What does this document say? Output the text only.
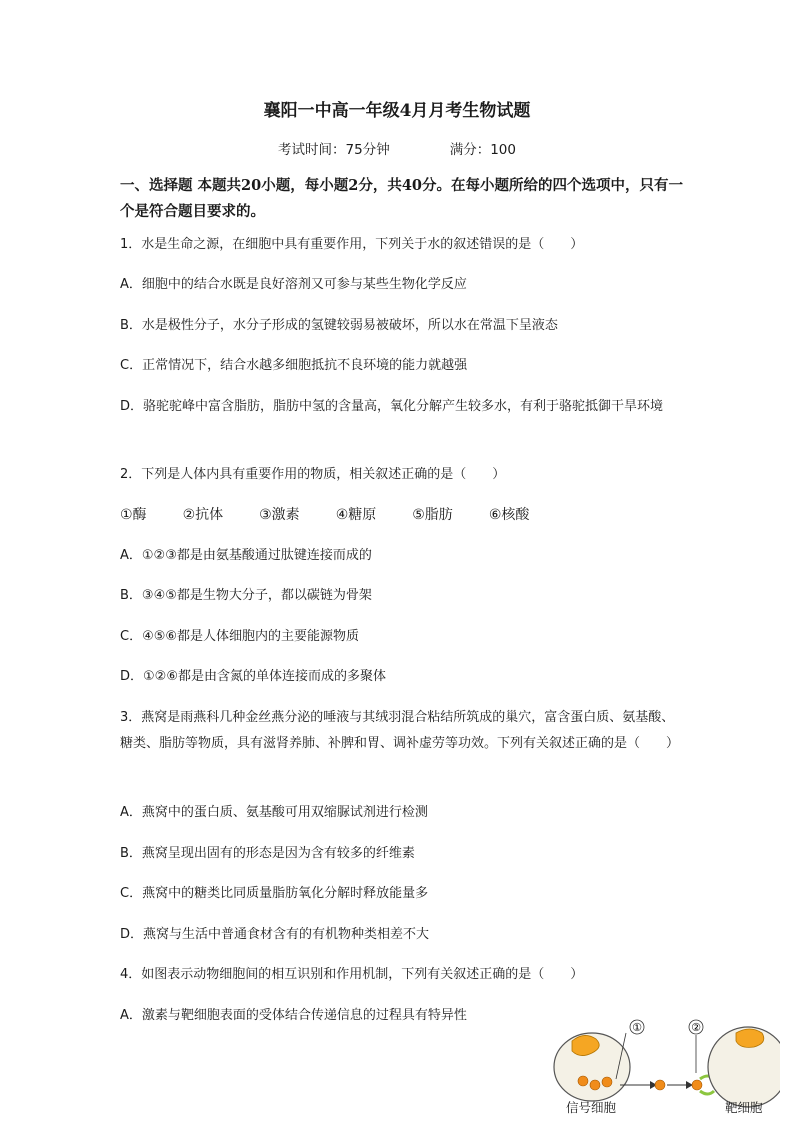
襄阳一中高一年级4月月考生物试题
考试时间：75分钟	满分：100
一、选择题 本题共20小题，每小题2分，共40分。在每小题所给的四个选项中，只有一个是符合题目要求的。
1．水是生命之源，在细胞中具有重要作用，下列关于水的叙述错误的是（　　）
A．细胞中的结合水既是良好溶剂又可参与某些生物化学反应
B．水是极性分子，水分子形成的氢键较弱易被破坏，所以水在常温下呈液态
C．正常情况下，结合水越多细胞抵抗不良环境的能力就越强
D．骆驼驼峰中富含脂肪，脂肪中氢的含量高，氧化分解产生较多水，有利于骆驼抵御干旱环境
2．下列是人体内具有重要作用的物质，相关叙述正确的是（　　）
①酶	②抗体	③激素	④糖原	⑤脂肪	⑥核酸
A．①②③都是由氨基酸通过肽键连接而成的
B．③④⑤都是生物大分子，都以碳链为骨架
C．④⑤⑥都是人体细胞内的主要能源物质
D．①②⑥都是由含氮的单体连接而成的多聚体
3．燕窝是雨燕科几种金丝燕分泌的唾液与其绒羽混合粘结所筑成的巢穴，富含蛋白质、氨基酸、糖类、脂肪等物质，具有滋肾养肺、补脾和胃、调补虚劳等功效。下列有关叙述正确的是（　　）
A．燕窝中的蛋白质、氨基酸可用双缩脲试剂进行检测
B．燕窝呈现出固有的形态是因为含有较多的纤维素
C．燕窝中的糖类比同质量脂肪氧化分解时释放能量多
D．燕窝与生活中普通食材含有的有机物种类相差不大
4．如图表示动物细胞间的相互识别和作用机制，下列有关叙述正确的是（　　）
A．激素与靶细胞表面的受体结合传递信息的过程具有特异性
①	②
信号细胞	靶细胞
